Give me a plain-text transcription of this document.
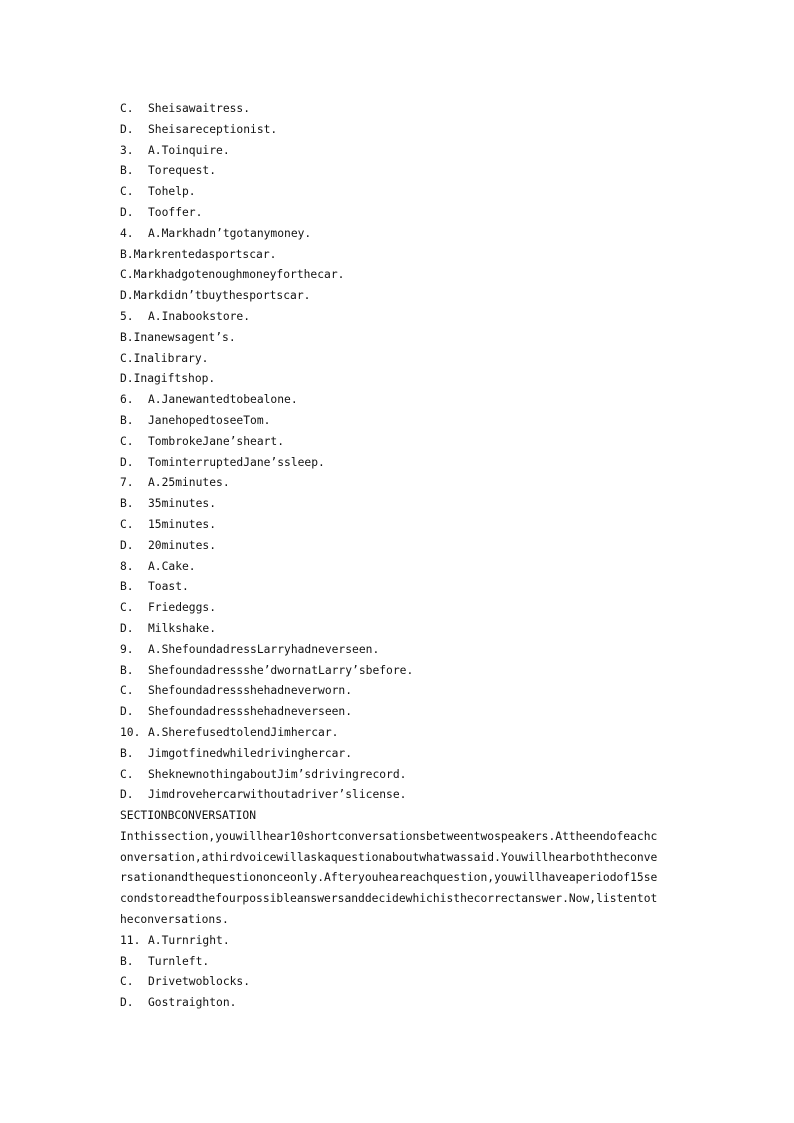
C. Sheisawaitress.
D. Sheisareceptionist.
3. A.Toinquire.
B. Torequest.
C. Tohelp.
D. Tooffer.
4. A.Markhadn’tgotanymoney.
B.Markrentedasportscar.
C.Markhadgotenoughmoneyforthecar.
D.Markdidn’tbuythesportscar.
5. A.Inabookstore.
B.Inanewsagent’s.
C.Inalibrary.
D.Inagiftshop.
6. A.Janewantedtobealone.
B. JanehopedtoseeTom.
C. TombrokeJane’sheart.
D. TominterruptedJane’ssleep.
7. A.25minutes.
B. 35minutes.
C. 15minutes.
D. 20minutes.
8. A.Cake.
B. Toast.
C. Friedeggs.
D. Milkshake.
9. A.ShefoundadressLarryhadneverseen.
B. Shefoundadressshe’dwornatLarry’sbefore.
C. Shefoundadressshehadneverworn.
D. Shefoundadressshehadneverseen.
10. A.SherefusedtolendJimhercar.
B. Jimgotfinedwhiledrivinghercar.
C. SheknewnothingaboutJim’sdrivingrecord.
D. Jimdrovehercarwithoutadriver’slicense.
SECTIONBCONVERSATION
Inthissection,youwillhear10shortconversationsbetweentwospeakers.Attheendofeachc
onversation,athirdvoicewillaskaquestionaboutwhatwassaid.Youwillhearboththeconve
rsationandthequestiononceonly.Afteryouheareachquestion,youwillhaveaperiodof15se
condstoreadthefourpossibleanswersanddecidewhichisthecorrectanswer.Now,listentot
heconversations.
11. A.Turnright.
B. Turnleft.
C. Drivetwoblocks.
D. Gostraighton.
